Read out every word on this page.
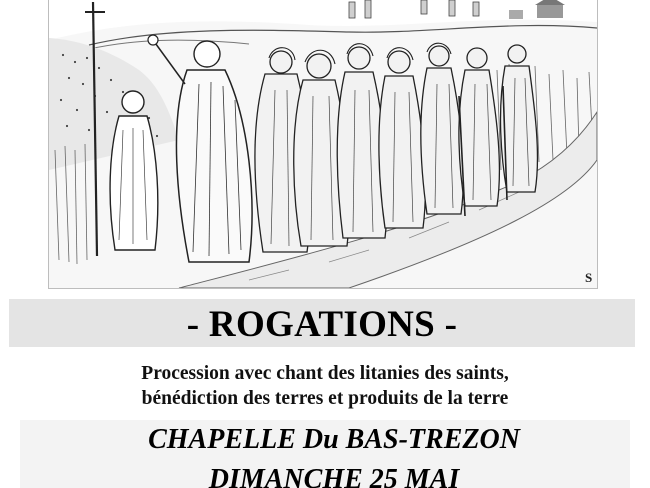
S
- ROGATIONS -
Procession avec chant des litanies des saints,
bénédiction des terres et produits de la terre
CHAPELLE Du BAS-TREZON
DIMANCHE 25 MAI
